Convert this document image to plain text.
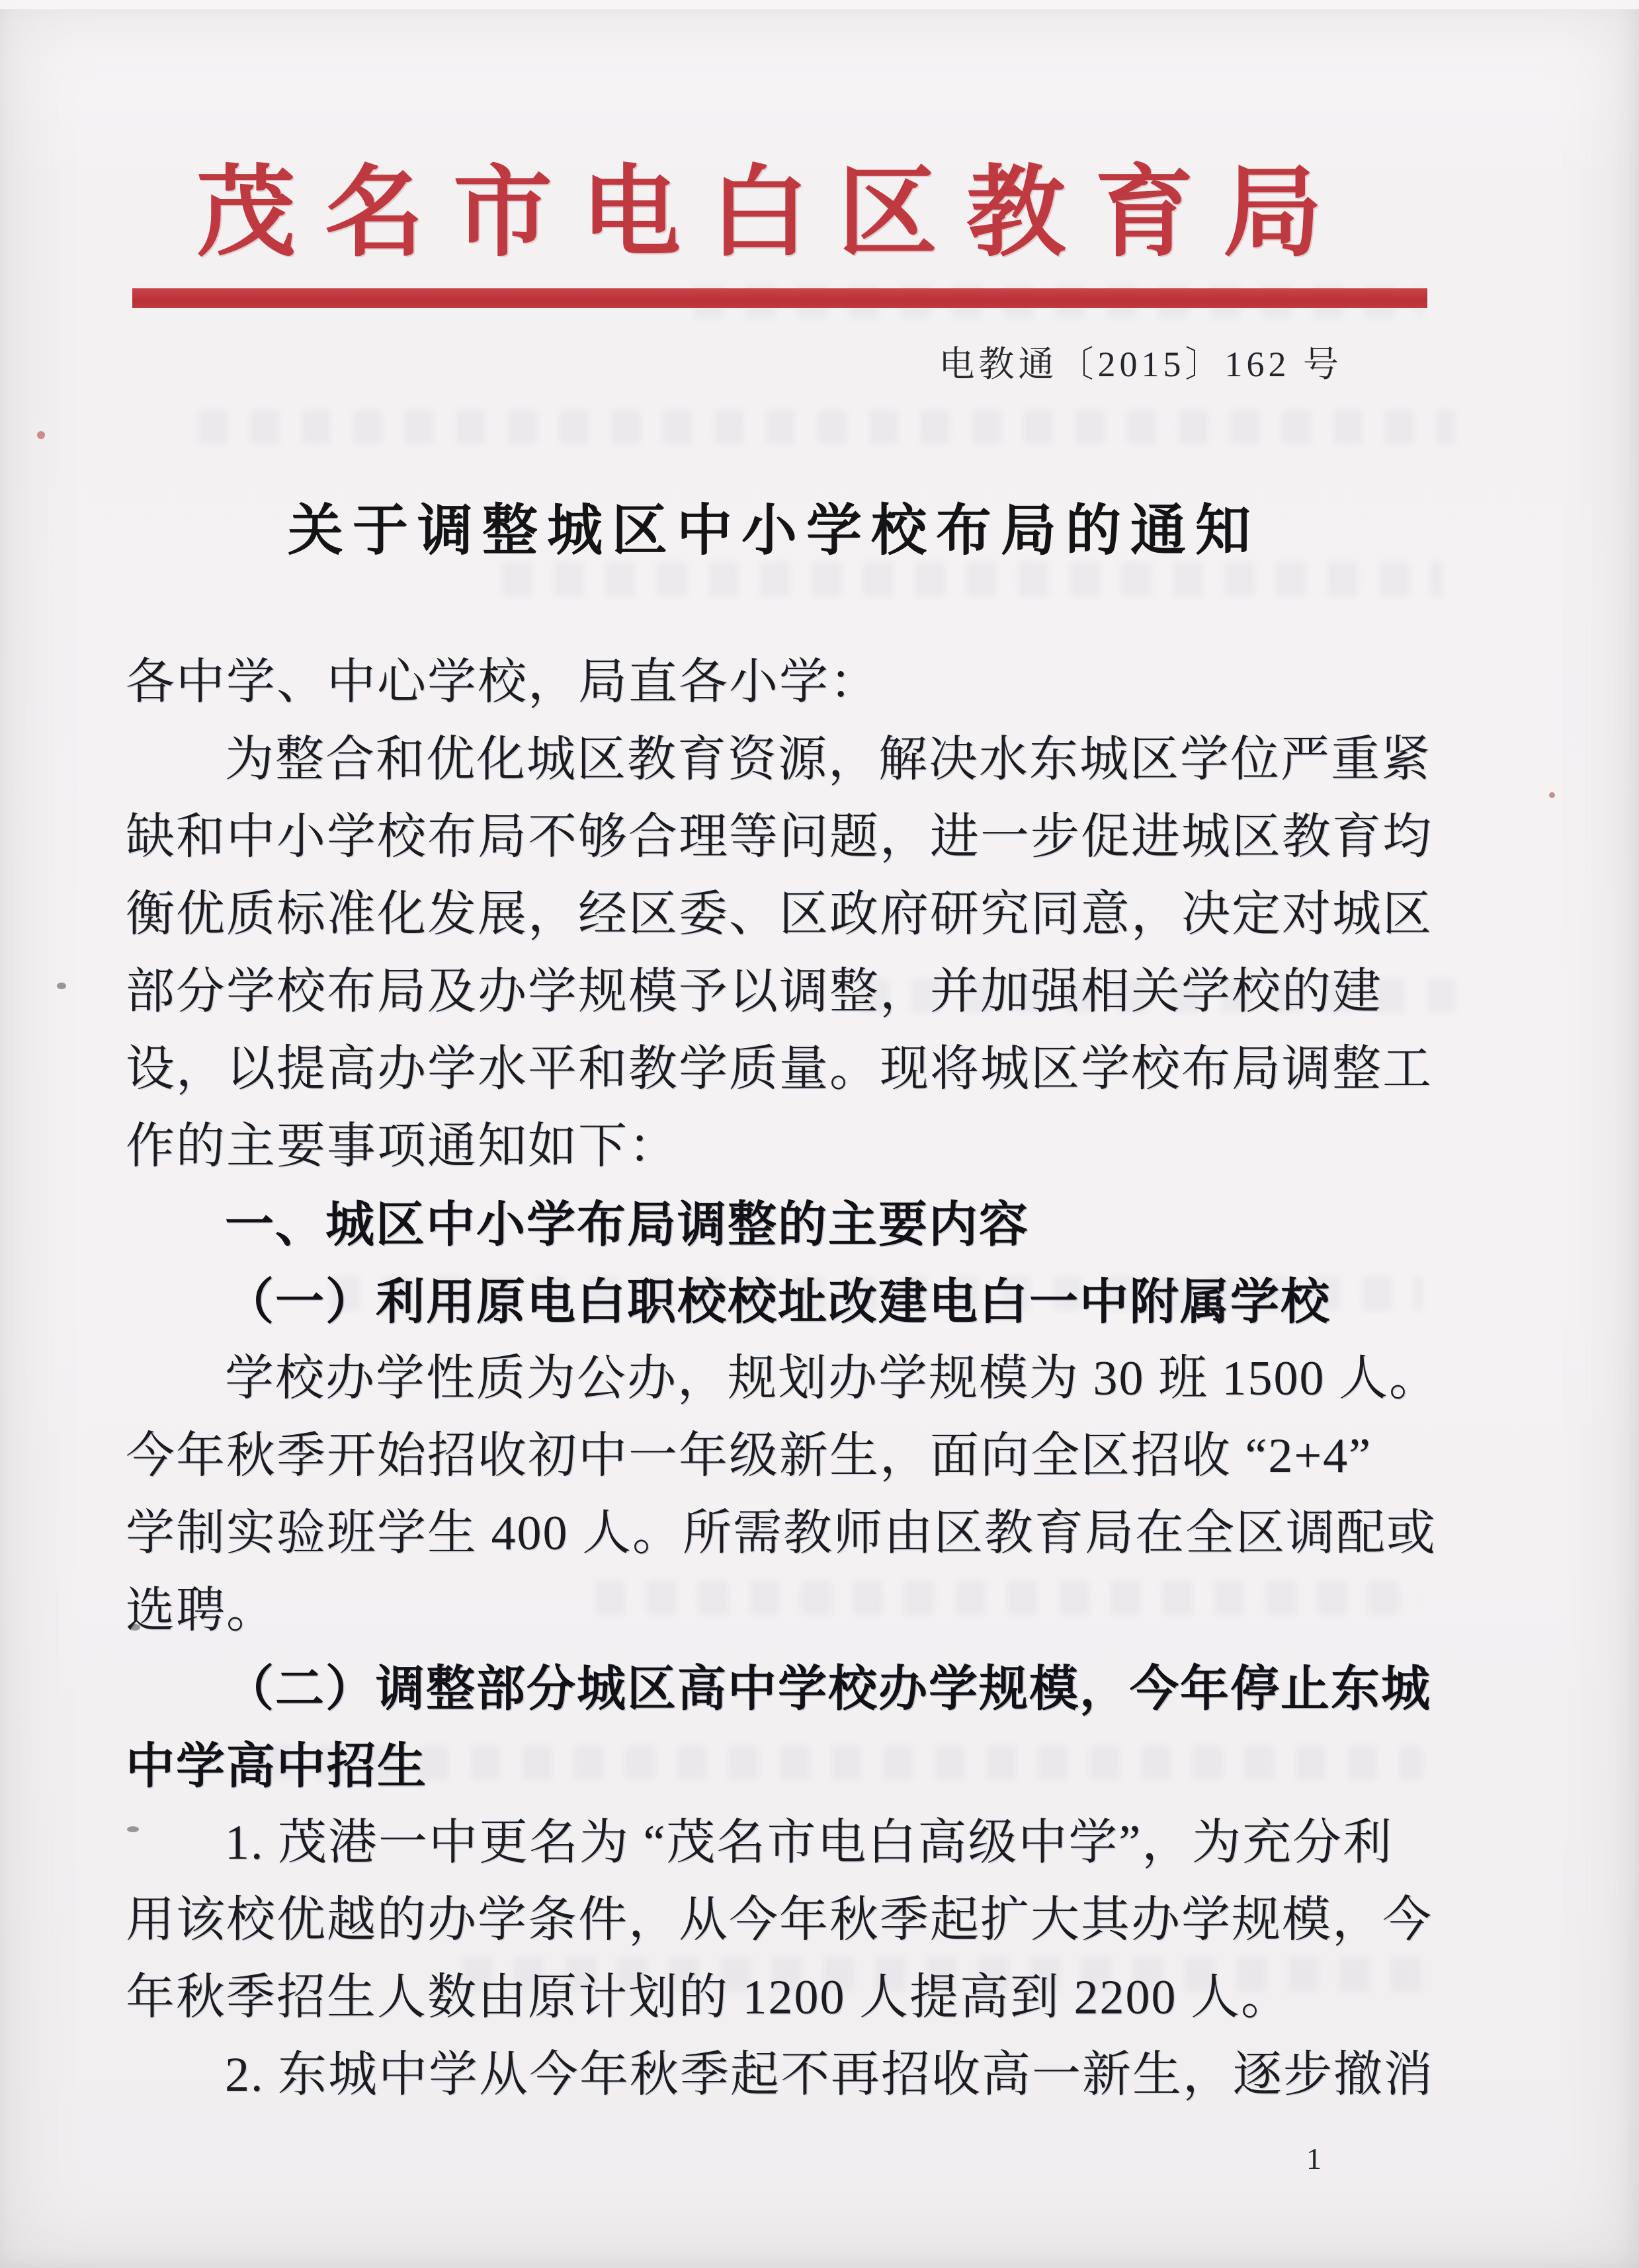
茂名市电白区教育局
电教通〔2015〕162 号
关于调整城区中小学校布局的通知
各中学、中心学校，局直各小学：
为整合和优化城区教育资源，解决水东城区学位严重紧
缺和中小学校布局不够合理等问题，进一步促进城区教育均
衡优质标准化发展，经区委、区政府研究同意，决定对城区
部分学校布局及办学规模予以调整，并加强相关学校的建
设，以提高办学水平和教学质量。现将城区学校布局调整工
作的主要事项通知如下：
一、城区中小学布局调整的主要内容
（一）利用原电白职校校址改建电白一中附属学校
学校办学性质为公办，规划办学规模为 30 班 1500 人。
今年秋季开始招收初中一年级新生，面向全区招收 “2+4”
学制实验班学生 400 人。所需教师由区教育局在全区调配或
选聘。
（二）调整部分城区高中学校办学规模，今年停止东城
中学高中招生
1. 茂港一中更名为 “茂名市电白高级中学”，为充分利
用该校优越的办学条件，从今年秋季起扩大其办学规模，今
年秋季招生人数由原计划的 1200 人提高到 2200 人。
2. 东城中学从今年秋季起不再招收高一新生，逐步撤消
1
